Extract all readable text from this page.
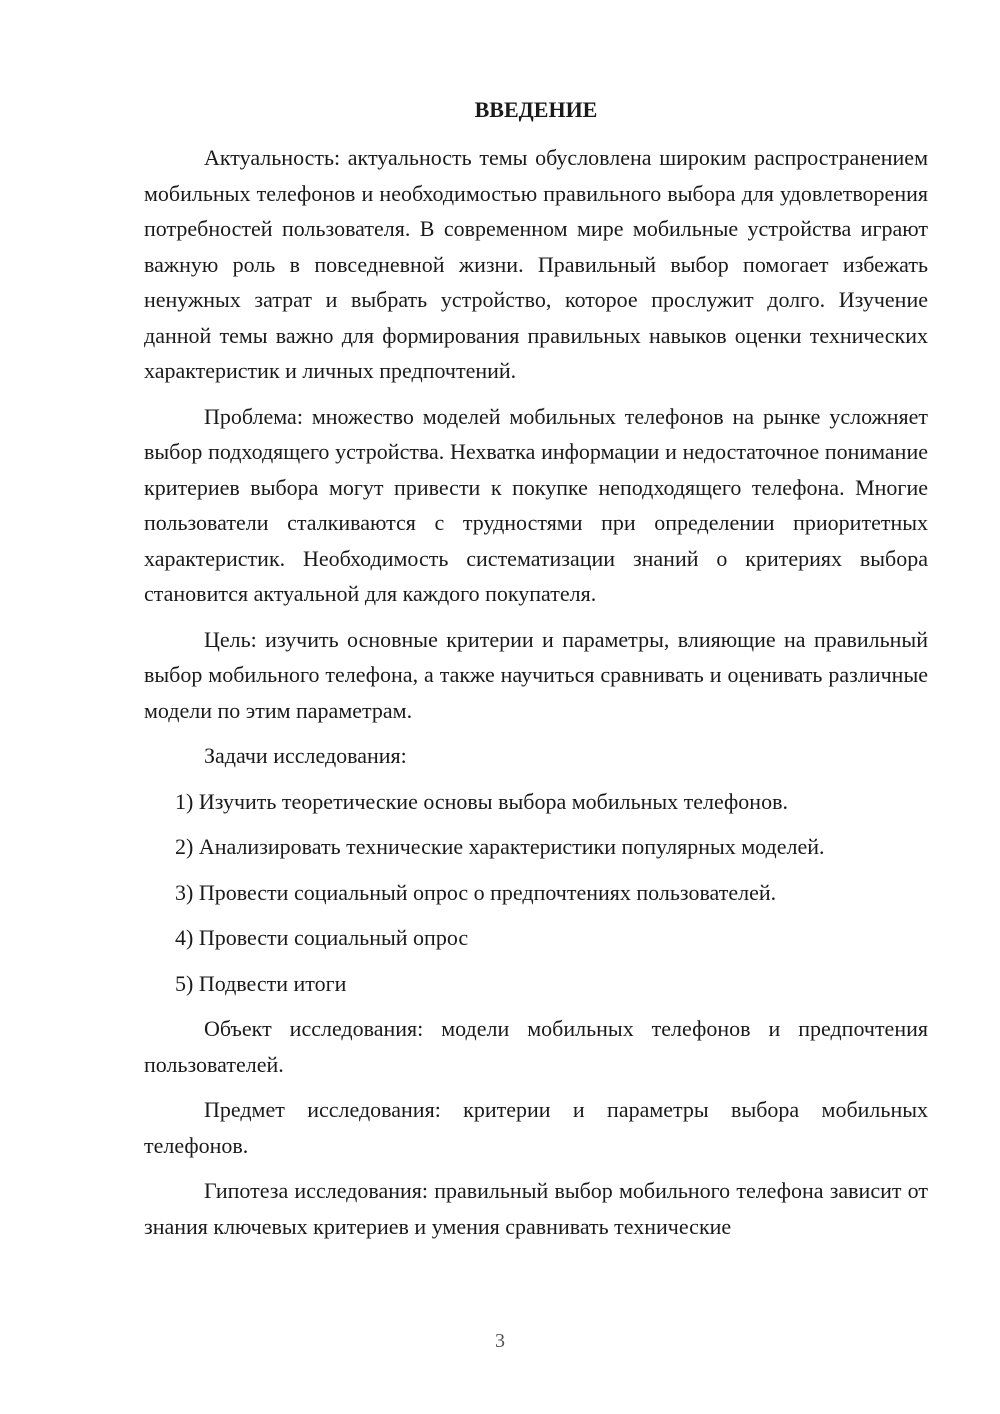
ВВЕДЕНИЕ

Актуальность: актуальность темы обусловлена широким распространением мобильных телефонов и необходимостью правильного выбора для удовлетворения потребностей пользователя. В современном мире мобильные устройства играют важную роль в повседневной жизни. Правильный выбор помогает избежать ненужных затрат и выбрать устройство, которое прослужит долго. Изучение данной темы важно для формирования правильных навыков оценки технических характеристик и личных предпочтений.

Проблема: множество моделей мобильных телефонов на рынке усложняет выбор подходящего устройства. Нехватка информации и недостаточное понимание критериев выбора могут привести к покупке неподходящего телефона. Многие пользователи сталкиваются с трудностями при определении приоритетных характеристик. Необходимость систематизации знаний о критериях выбора становится актуальной для каждого покупателя.

Цель: изучить основные критерии и параметры, влияющие на правильный выбор мобильного телефона, а также научиться сравнивать и оценивать различные модели по этим параметрам.

Задачи исследования:

1) Изучить теоретические основы выбора мобильных телефонов.
2) Анализировать технические характеристики популярных моделей.
3) Провести социальный опрос о предпочтениях пользователей.
4) Провести социальный опрос
5) Подвести итоги

Объект исследования: модели мобильных телефонов и предпочтения пользователей.

Предмет исследования: критерии и параметры выбора мобильных телефонов.

Гипотеза исследования: правильный выбор мобильного телефона зависит от знания ключевых критериев и умения сравнивать технические

3
